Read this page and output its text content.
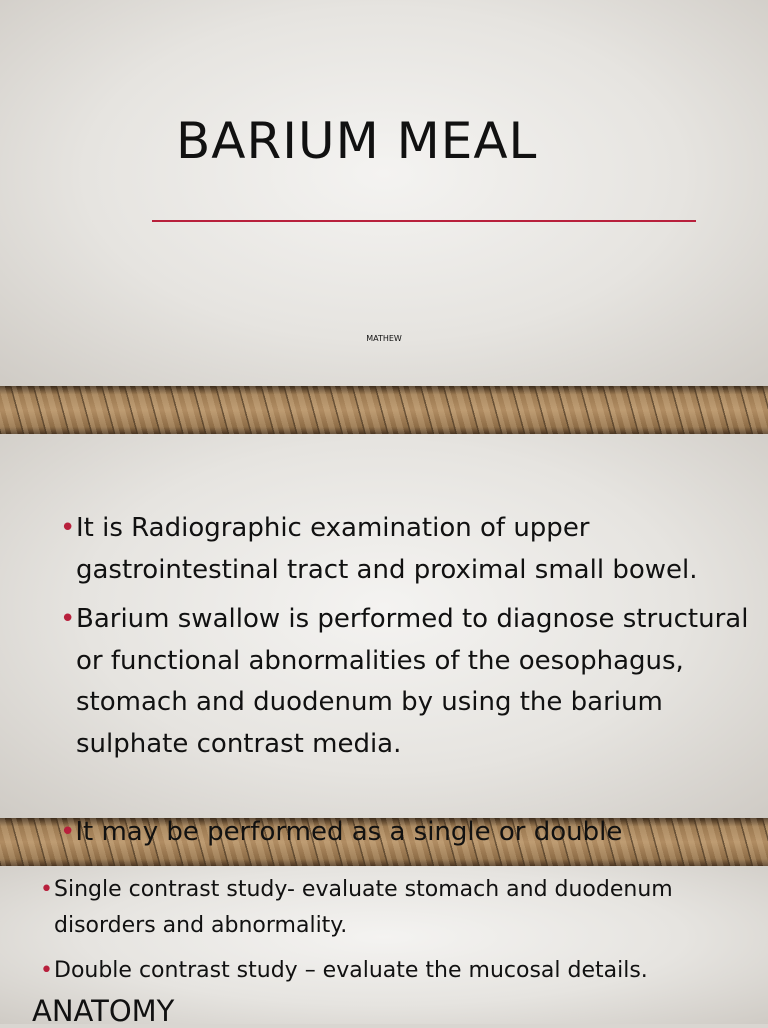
BARIUM MEAL
MATHEW
• It is Radiographic examination of upper gastrointestinal tract and proximal small bowel.
• Barium swallow is performed to diagnose structural or functional abnormalities of the oesophagus, stomach and duodenum by using the barium sulphate contrast media.
•It may be performed as a single or double
• Single contrast study- evaluate stomach and duodenum disorders and abnormality.
• Double contrast study – evaluate the mucosal details.
ANATOMY
